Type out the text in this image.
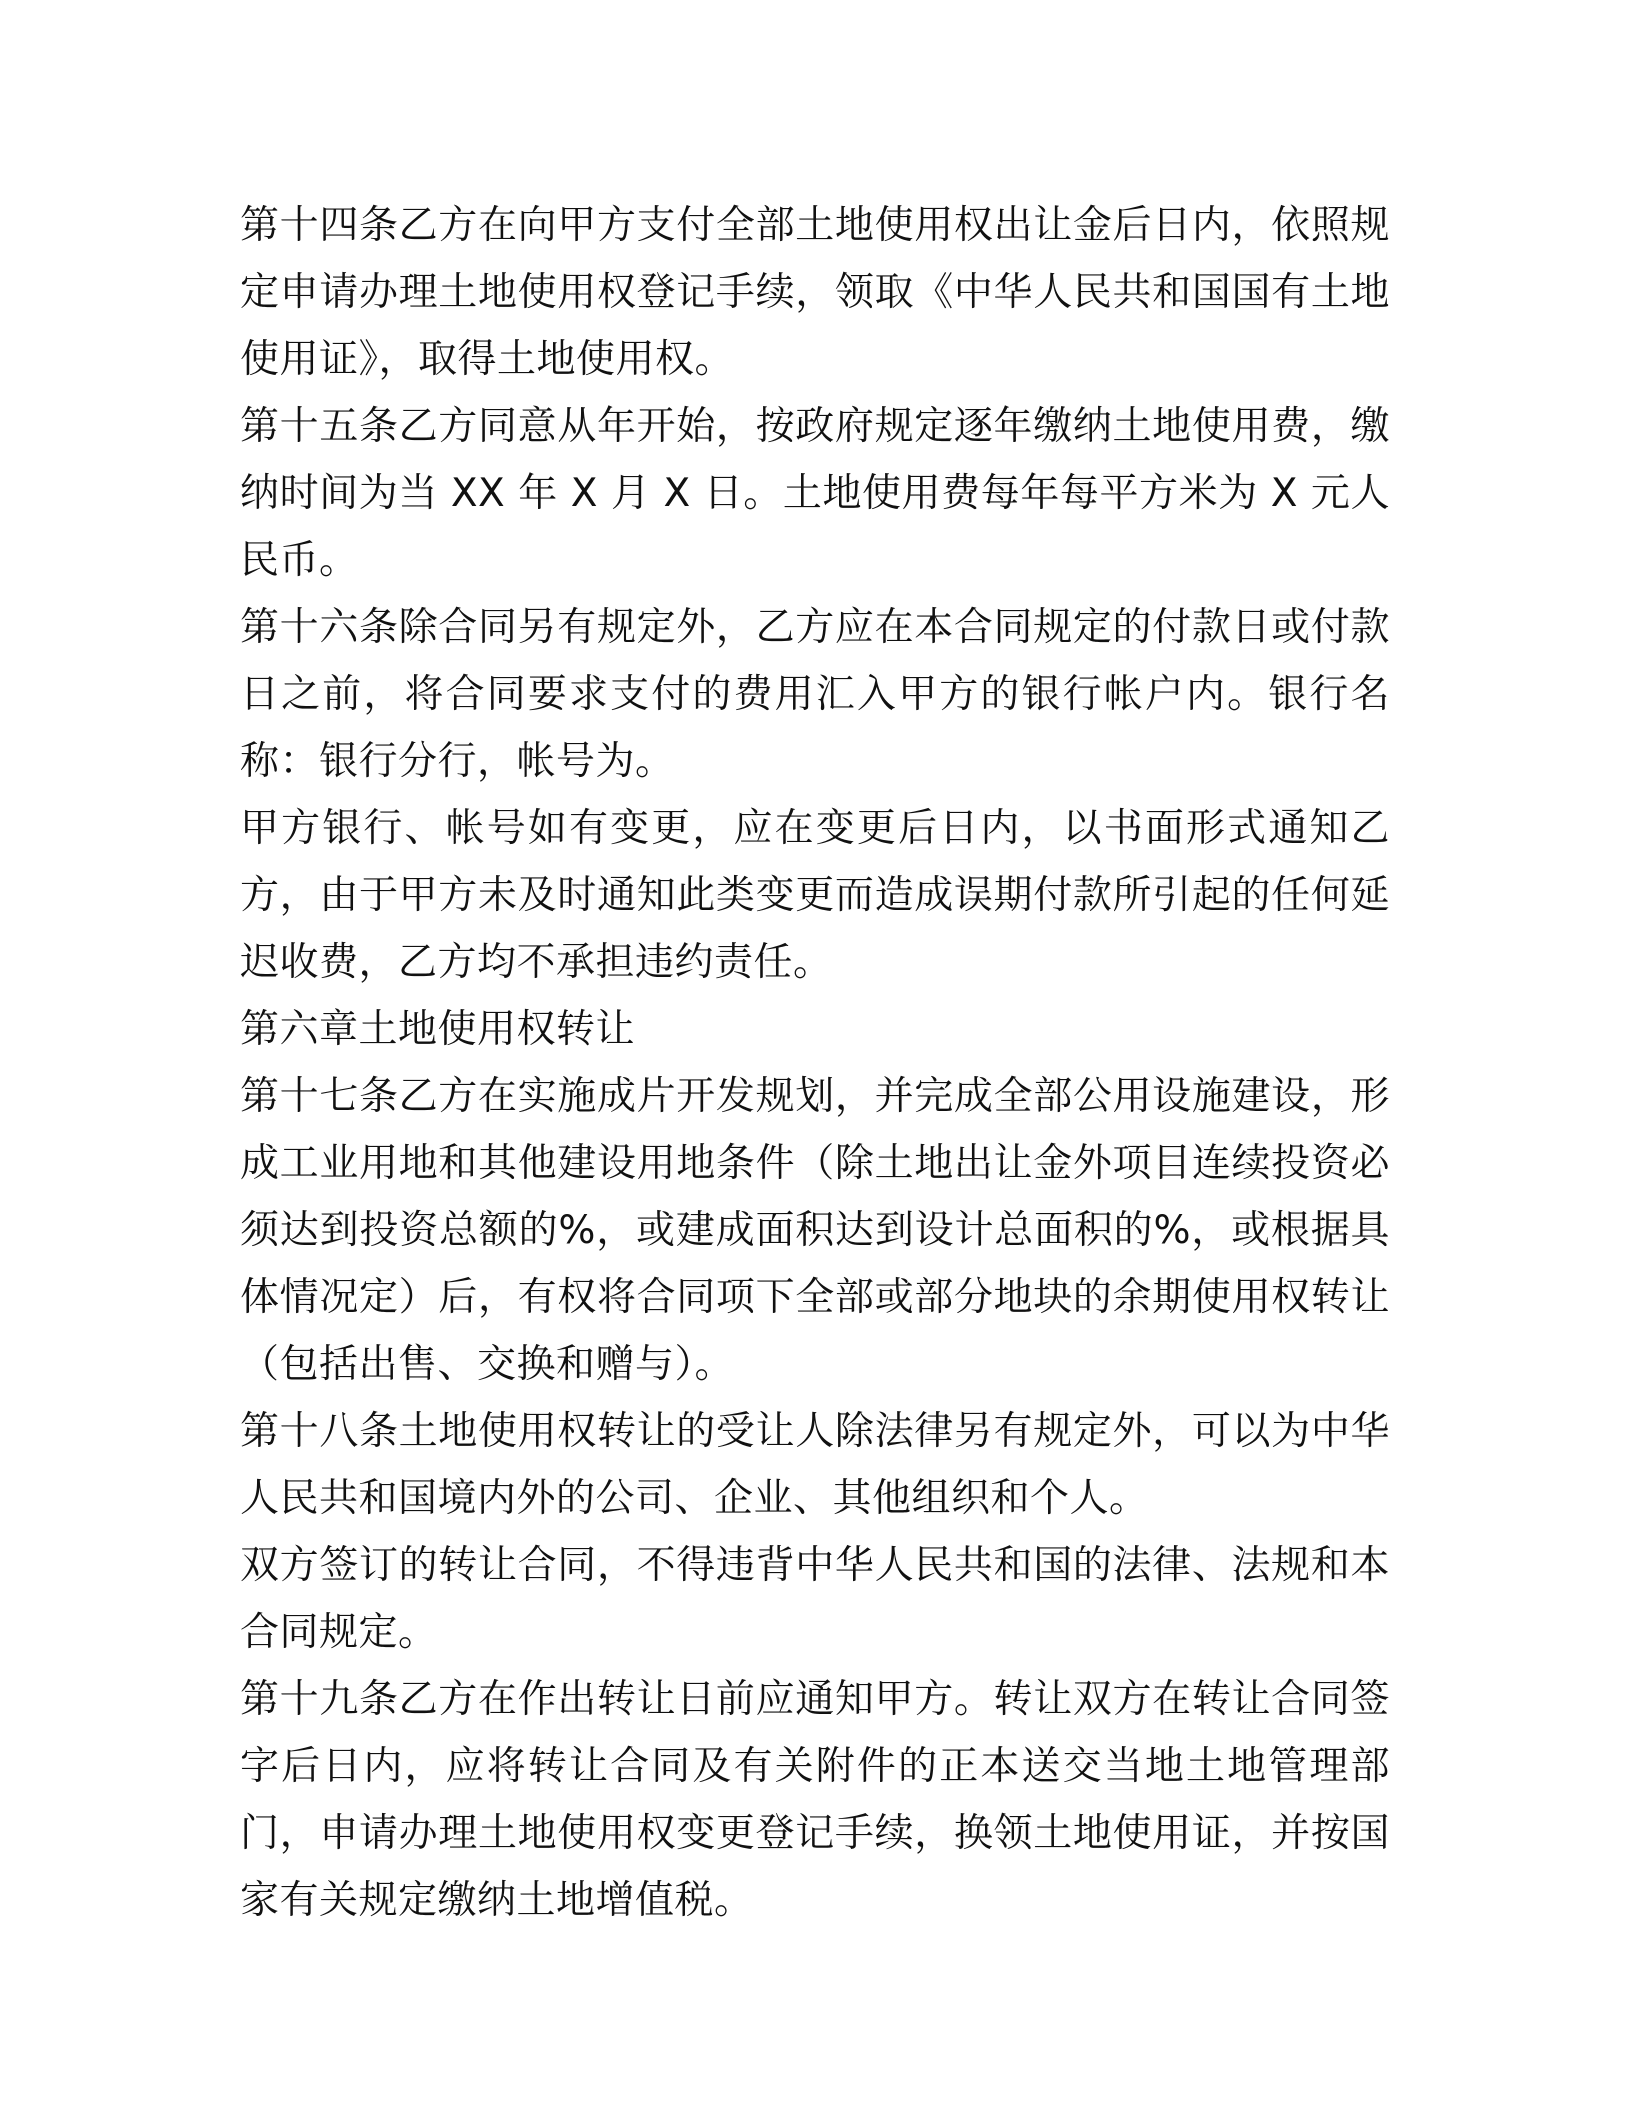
第十四条乙方在向甲方支付全部土地使用权出让金后日内，依照规定申请办理土地使用权登记手续，领取《中华人民共和国国有土地使用证》，取得土地使用权。

第十五条乙方同意从年开始，按政府规定逐年缴纳土地使用费，缴纳时间为当 XX 年 X 月 X 日。土地使用费每年每平方米为 X 元人民币。

第十六条除合同另有规定外，乙方应在本合同规定的付款日或付款日之前，将合同要求支付的费用汇入甲方的银行帐户内。银行名称：银行分行，帐号为。

甲方银行、帐号如有变更，应在变更后日内，以书面形式通知乙方，由于甲方未及时通知此类变更而造成误期付款所引起的任何延迟收费，乙方均不承担违约责任。

第六章土地使用权转让

第十七条乙方在实施成片开发规划，并完成全部公用设施建设，形成工业用地和其他建设用地条件（除土地出让金外项目连续投资必须达到投资总额的%，或建成面积达到设计总面积的%，或根据具体情况定）后，有权将合同项下全部或部分地块的余期使用权转让（包括出售、交换和赠与）。

第十八条土地使用权转让的受让人除法律另有规定外，可以为中华人民共和国境内外的公司、企业、其他组织和个人。

双方签订的转让合同，不得违背中华人民共和国的法律、法规和本合同规定。

第十九条乙方在作出转让日前应通知甲方。转让双方在转让合同签字后日内，应将转让合同及有关附件的正本送交当地土地管理部门，申请办理土地使用权变更登记手续，换领土地使用证，并按国家有关规定缴纳土地增值税。
